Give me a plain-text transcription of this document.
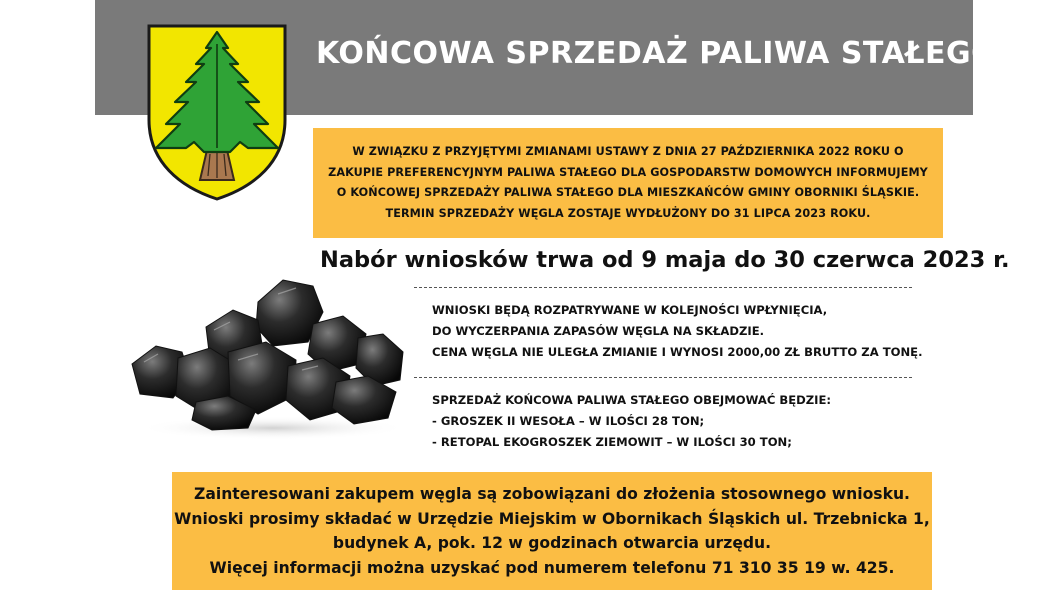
KOŃCOWA SPRZEDAŻ PALIWA STAŁEGO
W ZWIĄZKU Z PRZYJĘTYMI ZMIANAMI USTAWY Z DNIA 27 PAŹDZIERNIKA 2022 ROKU O
ZAKUPIE PREFERENCYJNYM PALIWA STAŁEGO DLA GOSPODARSTW DOMOWYCH INFORMUJEMY
O KOŃCOWEJ SPRZEDAŻY PALIWA STAŁEGO DLA MIESZKAŃCÓW GMINY OBORNIKI ŚLĄSKIE.
TERMIN SPRZEDAŻY WĘGLA ZOSTAJE WYDŁUŻONY DO 31 LIPCA 2023 ROKU.
Nabór wniosków trwa od 9 maja do 30 czerwca 2023 r.
WNIOSKI BĘDĄ ROZPATRYWANE W KOLEJNOŚCI WPŁYNIĘCIA,
DO WYCZERPANIA ZAPASÓW WĘGLA NA SKŁADZIE.
CENA WĘGLA NIE ULEGŁA ZMIANIE I WYNOSI 2000,00 ZŁ BRUTTO ZA TONĘ.
SPRZEDAŻ KOŃCOWA PALIWA STAŁEGO OBEJMOWAĆ BĘDZIE:
- GROSZEK II WESOŁA – W ILOŚCI 28 TON;
- RETOPAL EKOGROSZEK ZIEMOWIT – W ILOŚCI 30 TON;
Zainteresowani zakupem węgla są zobowiązani do złożenia stosownego wniosku.
Wnioski prosimy składać w Urzędzie Miejskim w Obornikach Śląskich ul. Trzebnicka 1,
budynek A, pok. 12 w godzinach otwarcia urzędu.
Więcej informacji można uzyskać pod numerem telefonu 71 310 35 19 w. 425.
